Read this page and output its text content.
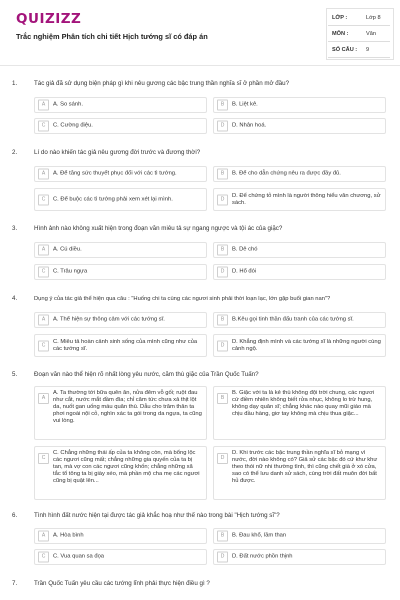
QUIZIZZ
Trắc nghiệm Phân tích chi tiết Hịch tướng sĩ có đáp án
LỚP :	Lớp 8
MÔN :	Văn
SỐ CÂU : 9
1.	Tác giả đã sử dụng biện pháp gì khi nêu gương các bậc trung thần nghĩa sĩ ở phần mở đầu?
A	A. So sánh.	B	B. Liệt kê.
C	C. Cường điệu.	D	D. Nhân hoá.
2.	Lí do nào khiến tác giả nêu gương đời trước và đương thời?
A	A. Để tăng sức thuyết phục đối với các tì tướng.	B	B. Để cho dẫn chứng nêu ra được đầy đủ.
C	C. Để buộc các tì tướng phải xem xét lại mình.	D
D. Để chứng tỏ mình là người thông hiểu văn chương, sử sách.
3.	Hình ảnh nào không xuất hiện trong đoạn văn miêu tả sự ngang ngược và tội ác của giặc?
A	A. Cú diều.	B	B. Dê chó
C	C. Trâu ngựa	D	D. Hổ đói
4.	Dụng ý của tác giả thể hiện qua câu : "Huống chi ta cùng các ngươi sinh phải thời loạn lạc, lớn gặp buổi gian nan"?
A	A. Thể hiện sự thông cảm với các tướng sĩ.	B	B.Kêu gọi tinh thần đấu tranh của các tướng sĩ.
C
C. Miêu tả hoàn cảnh sinh sống của mình cũng như của các tướng sĩ.
D
D. Khẳng định mình và các tướng sĩ là những người cùng cảnh ngộ.
5.	Đoạn văn nào thể hiện rõ nhất lòng yêu nước, căm thù giặc của Trần Quốc Tuấn?
A
A. Ta thường tới bữa quên ăn, nửa đêm vỗ gối; ruột đau như cắt, nước mắt đầm đìa; chỉ căm tức chưa xả thịt lột da, nuốt gan uống máu quân thù. Dẫu cho trăm thân ta phơi ngoài nội cỏ, nghìn xác ta gói trong da ngựa, ta cũng vui lòng.
B
B. Giặc với ta là kẻ thù không đội trời chung, các ngươi cứ điềm nhiên không biết rửa nhục, không lo trừ hung, không dạy quân sĩ; chẳng khác nào quay mũi giáo mà chịu đầu hàng, giơ tay không mà chịu thua giặc...
C
C. Chẳng những thái ấp của ta không còn, mà bổng lộc các ngươi cũng mất; chẳng những gia quyến của ta bị tan, mà vợ con các ngươi cũng khốn; chẳng những xã tắc tổ tông ta bị giày xéo, mà phần mộ cha mẹ các ngươi cũng bị quật lên...
D
D. Khi trước các bậc trung thần nghĩa sĩ bỏ mạng vì nước, đời nào không có? Giả sử các bậc đó cứ khư khư theo thói nữ nhi thường tình, thì cũng chết già ở xó cửa, sao có thể lưu danh sử sách, cùng trời đất muôn đời bất hủ được.
6.	Tình hình đất nước hiện tại được tác giả khắc hoạ như thế nào trong bài "Hịch tướng sĩ"?
A	A. Hòa bình	B	B. Đau khổ, lầm than
C	C. Vua quan sa đọa	D	D. Đất nước phồn thịnh
7.	Trần Quốc Tuấn yêu cầu các tướng lĩnh phải thực hiện điều gì ?
